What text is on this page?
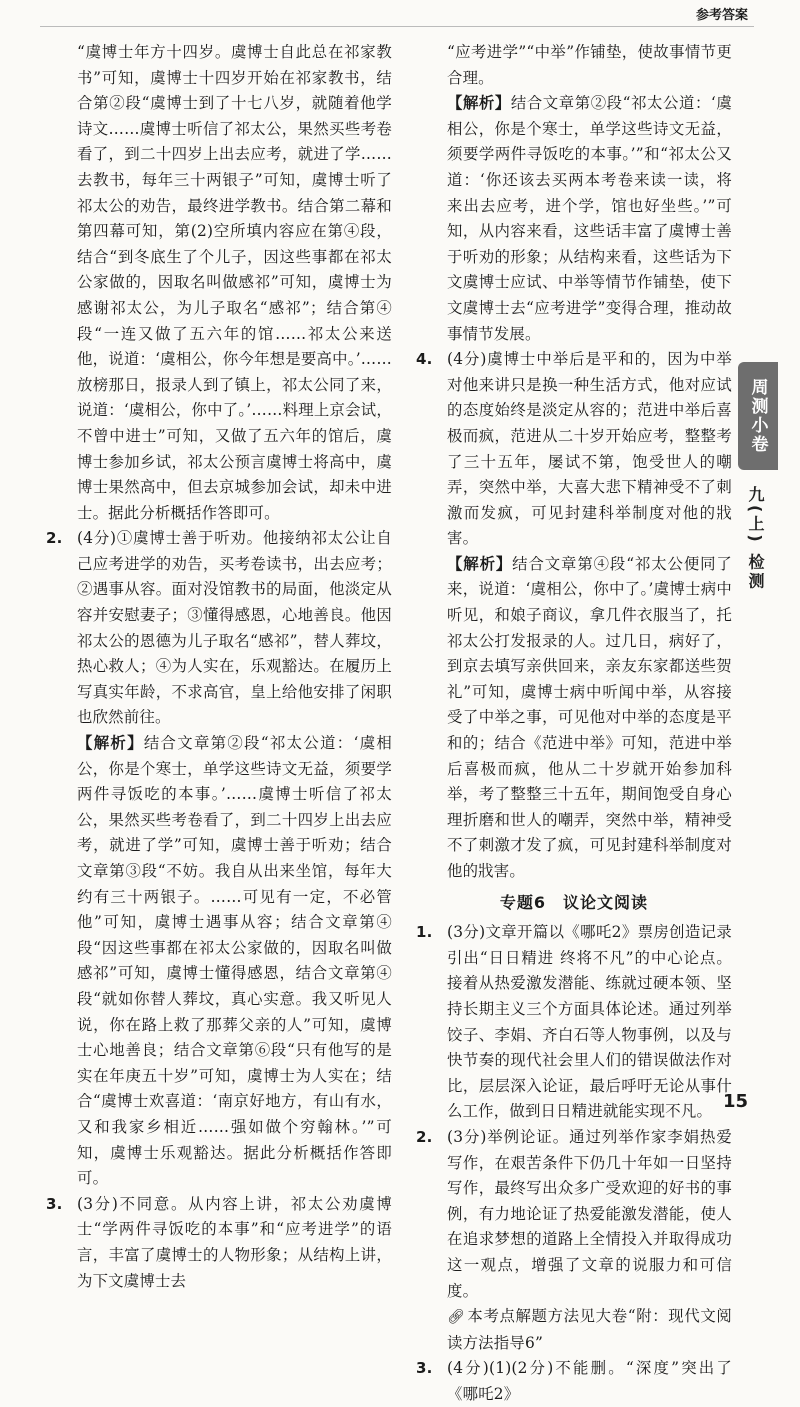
参考答案

“虞博士年方十四岁。虞博士自此总在祁家教书”可知，虞博士十四岁开始在祁家教书，结合第②段“虞博士到了十七八岁，就随着他学诗文……虞博士听信了祁太公，果然买些考卷看了，到二十四岁上出去应考，就进了学……去教书，每年三十两银子”可知，虞博士听了祁太公的劝告，最终进学教书。结合第二幕和第四幕可知，第(2)空所填内容应在第④段，结合“到冬底生了个儿子，因这些事都在祁太公家做的，因取名叫做感祁”可知，虞博士为感谢祁太公，为儿子取名“感祁”；结合第④段“一连又做了五六年的馆……祁太公来送他，说道：‘虞相公，你今年想是要高中。’……放榜那日，报录人到了镇上，祁太公同了来，说道：‘虞相公，你中了。’……料理上京会试，不曾中进士”可知，又做了五六年的馆后，虞博士参加乡试，祁太公预言虞博士将高中，虞博士果然高中，但去京城参加会试，却未中进士。据此分析概括作答即可。

2. (4分)①虞博士善于听劝。他接纳祁太公让自己应考进学的劝告，买考卷读书，出去应考；②遇事从容。面对没馆教书的局面，他淡定从容并安慰妻子；③懂得感恩，心地善良。他因祁太公的恩德为儿子取名“感祁”，替人葬坟，热心救人；④为人实在，乐观豁达。在履历上写真实年龄，不求高官，皇上给他安排了闲职也欣然前往。

【解析】结合文章第②段“祁太公道：‘虞相公，你是个寒士，单学这些诗文无益，须要学两件寻饭吃的本事。’……虞博士听信了祁太公，果然买些考卷看了，到二十四岁上出去应考，就进了学”可知，虞博士善于听劝；结合文章第③段“不妨。我自从出来坐馆，每年大约有三十两银子。……可见有一定，不必管他”可知，虞博士遇事从容；结合文章第④段“因这些事都在祁太公家做的，因取名叫做感祁”可知，虞博士懂得感恩，结合文章第④段“就如你替人葬坟，真心实意。我又听见人说，你在路上救了那葬父亲的人”可知，虞博士心地善良；结合文章第⑥段“只有他写的是实在年庚五十岁”可知，虞博士为人实在；结合“虞博士欢喜道：‘南京好地方，有山有水，又和我家乡相近……强如做个穷翰林。’”可知，虞博士乐观豁达。据此分析概括作答即可。

3. (3分)不同意。从内容上讲，祁太公劝虞博士“学两件寻饭吃的本事”和“应考进学”的语言，丰富了虞博士的人物形象；从结构上讲，为下文虞博士去

“应考进学”“中举”作铺垫，使故事情节更合理。

【解析】结合文章第②段“祁太公道：‘虞相公，你是个寒士，单学这些诗文无益，须要学两件寻饭吃的本事。’”和“祁太公又道：‘你还该去买两本考卷来读一读，将来出去应考，进个学，馆也好坐些。’”可知，从内容来看，这些话丰富了虞博士善于听劝的形象；从结构来看，这些话为下文虞博士应试、中举等情节作铺垫，使下文虞博士去“应考进学”变得合理，推动故事情节发展。

4. (4分)虞博士中举后是平和的，因为中举对他来讲只是换一种生活方式，他对应试的态度始终是淡定从容的；范进中举后喜极而疯，范进从二十岁开始应考，整整考了三十五年，屡试不第，饱受世人的嘲弄，突然中举，大喜大悲下精神受不了刺激而发疯，可见封建科举制度对他的戕害。

【解析】结合文章第④段“祁太公便同了来，说道：‘虞相公，你中了。’虞博士病中听见，和娘子商议，拿几件衣服当了，托祁太公打发报录的人。过几日，病好了，到京去填写亲供回来，亲友东家都送些贺礼”可知，虞博士病中听闻中举，从容接受了中举之事，可见他对中举的态度是平和的；结合《范进中举》可知，范进中举后喜极而疯，他从二十岁就开始参加科举，考了整整三十五年，期间饱受自身心理折磨和世人的嘲弄，突然中举，精神受不了刺激才发了疯，可见封建科举制度对他的戕害。

专题6　议论文阅读
1. (3分)文章开篇以《哪吒2》票房创造记录引出“日日精进 终将不凡”的中心论点。接着从热爱激发潜能、练就过硬本领、坚持长期主义三个方面具体论述。通过列举饺子、李娟、齐白石等人物事例，以及与快节奏的现代社会里人们的错误做法作对比，层层深入论证，最后呼吁无论从事什么工作，做到日日精进就能实现不凡。
2. (3分)举例论证。通过列举作家李娟热爱写作，在艰苦条件下仍几十年如一日坚持写作，最终写出众多广受欢迎的好书的事例，有力地论证了热爱能激发潜能，使人在追求梦想的道路上全情投入并取得成功这一观点，增强了文章的说服力和可信度。

🔗︎ 本考点解题方法见大卷“附：现代文阅读方法指导6”

3. (4分)(1)(2分)不能删。“深度”突出了《哪吒2》
周测小卷
九(上) 检测
15
